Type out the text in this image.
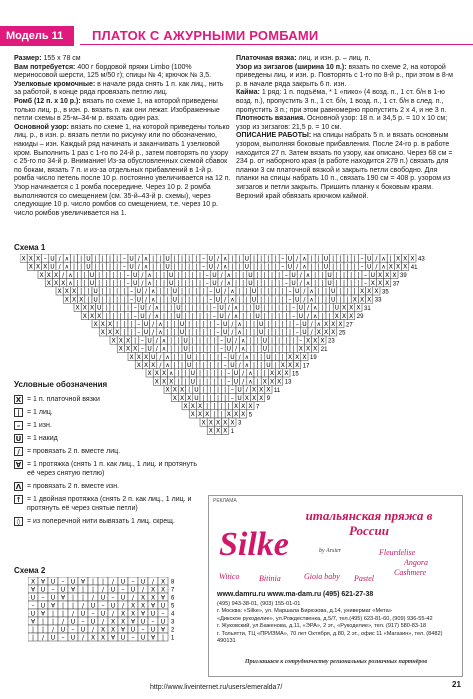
Модель 11	ПЛАТОК С АЖУРНЫМИ РОМБАМИ

Размер: 155 х 78 см

Вам потребуется: 400 г бордовой пряжи Limbo (100% мериносовой шерсти, 125 м/50 г); спицы № 4; крючок № 3,5.

Узелковые кромочные: в начале ряда снять 1 п. как лиц., нить за работой, в конце ряда провязать петлю лиц.

Ромб (12 п. х 10 р.): вязать по схеме 1, на которой приведены только лиц. р., в изн. р. вязать п. как они лежат. Изображенные петли схемы в 25-м–34-м р. вязать один раз.

Основной узор: вязать по схеме 1, на которой приведены только лиц. р., в изн. р. вязать петли по рисунку или по обозначению, накиды – изн. Каждый ряд начинать и заканчивать 1 узелковой кром. Выполнить 1 раз с 1-го по 24-й р., затем повторять по узору с 25-го по 34-й р. Внимание! Из-за обусловленных схемой сбавок по бокам, вязать 7 п. и из-за отдельных прибавлений в 1-й р. ромба число петель после 10 р. постоянно увеличивается на 12 п. Узор начинается с 1 ромба посередине. Через 10 р. 2 ромба выполняются со смещением (см. 35-й–43-й р. схемы), через следующие 10 р. число ромбов со смещением, т.е. через 10 р. число ромбов увеличивается на 1.

Платочная вязка: лиц. и изн. р. – лиц. п.

Узор из зигзагов (ширина 10 п.): вязать по схеме 2, на которой приведены лиц. и изн. р. Повторять с 1-го по 8-й р., при этом в 8-м р. в начале ряда закрыть 6 п. изн.

Кайма: 1 ряд: 1 п. подъёма, * 1 «пико» (4 возд. п., 1 ст. б/н в 1-ю возд. п.), пропустить 3 п., 1 ст. б/н, 1 возд. п., 1 ст. б/н в след. п., пропустить 3 п.; при этом равномерно пропустить 2 х 4, и не 3 п.

Плотность вязания. Основной узор: 18 п. и 34,5 р. = 10 х 10 см; узор из зигзагов: 21,5 р. = 10 см.

ОПИСАНИЕ РАБОТЫ: на спицы набрать 5 п. и вязать основным узором, выполняя боковые прибавления. После 24-го р. в работе находится 27 п. Затем вязать по узору, как описано. Через 68 см = 234 р. от наборного края (в работе находится 279 п.) связать для планки 3 см платочной вязкой и закрыть петли свободно. Для планки на спицы набрать 10 п., связать 190 см = 408 р. узором из зигзагов и петли закрыть. Пришить планку к боковым краям. Верхний край обвязать крючком каймой.

Схема 1
X X X – U / ∧ | | U | | | | – U / ∧ | | U | | | | – U / ∧ | | U | | | | – U / ∧ | | U | | | | – U / ∧ | X X X 43
X X X U / ∧ | | U | | | | – U / ∧ | | U | | | | – U / ∧ | | U | | | | – U / ∧ | | U | | | | – U / ∧ X X X 41
X X X / ∧ | | U | | | | – U / ∧ | | U | | | | – U / ∧ | | U | | | | – U / ∧ | | U | | | | – U X X X 39
X X X ∧ | | U | | | | – U / ∧ | | U | | | | – U / ∧ | | U | | | | – U / ∧ | | U | | | | – X X X 37
X X X | | U | | | | – U / ∧ | | U | | | | – U / ∧ | | U | | | | – U / ∧ | | U | | | X X X 35
X X X | U | | | | – U / ∧ | | U | | | | – U / ∧ | | U | | | | – U / ∧ | | U | | X X X 33
X X X U | | | | – U / ∧ | | U | | | | – U / ∧ | | U | | | | – U / ∧ | | U X X X 31
X X X | | | | – U / ∧ | | U | | | | – U / ∧ | | U | | | | – U / ∧ | | X X X 29
X X X | | | – U / ∧ | | U | | | | – U / ∧ | | U | | | | – U / ∧ X X X 27
X X X | | – U / ∧ | | U | | | | – U / ∧ | | U | | | | – U / X X X 25
X X X | – U / ∧ | | U | | | | – U / ∧ | | U | | | | – X X X 23
X X X – U / ∧ | | U | | | | – U / ∧ | | U | | | | X X X 21
X X X U / ∧ | | U | | | | – U / ∧ | | U | | X X X 19
X X X / ∧ | | U | | | | – U / ∧ | | U | X X X 17
X X X ∧ | | U | | | | – U / ∧ | | X X X 15
X X X | | U | | | | – U / ∧ | X X X 13
X X X | U | | | | – U / X X X 11
X X X U | | | | – U X X X 9
X X X | | | | X X X 7
X X X | | X X X 5
X X X X X 3
X X X 1
Условные обозначения
X = 1 п. платочной вязки
|	= 1 лиц.
– = 1 изн.
U = 1 накид
/	= провязать 2 п. вместе лиц.
∀ = 1 протяжка (снять 1 п. как лиц., 1 лиц. и протянуть её через снятую петлю)
Λ = провязать 2 п. вместе изн.
↑ = 1 двойная протяжка (снять 2 п. как лиц., 1 лиц. и протянуть её через снятые петли)
◊ = из поперечной нити вывязать 1 лиц. скрещ.
Схема 2
X ∀ U – U ∀ | | / U – U / X 8
∀ U – U ∀ | | / U – U / X X 7
U – U ∀ | | / U – U / X X ∀ 6
– U ∀ | | / U – U / X X ∀ U 5
U ∀ | | / U – U / X X ∀ U – 4
∀ | | / U – U / X X ∀ U – U 3
| | / U – U / X X ∀ U – U ∀ 2
| / U – U / X X ∀ U – U ∀ | 1
РЕКЛАМА
итальянская пряжа в России
Silke	by Arsier	Fleurdelise
Angora
Witico Bitinia	Gioia baby Pastel
Cashmere
www.damru.ru www.ma-dam.ru (495) 621-27-38
(495) 943-38-01, (903) 155-01-01
г. Москва: «Silke», ул. Маршала Бирюзова, д.14, универмаг «Мета»
«Дикское рукоделие», ул.Рождественка, д.5/7, тел.(495) 623-81-60, (909) 936-55-42
г. Жуковский, ул.Баженова, д.11, «ЭРА», 2 эт., «Рукоделие», тел. (917) 580-83-18
г. Тольятти, ТЦ «ПРИЗМА», 70 лет Октября, д.80, 2 эт., офис 11 «Магазин», тел. (8482) 490131
Приглашаем к сотрудничеству региональных розничных партнёров
http://www.liveinternet.ru/users/emeralda7/	21
